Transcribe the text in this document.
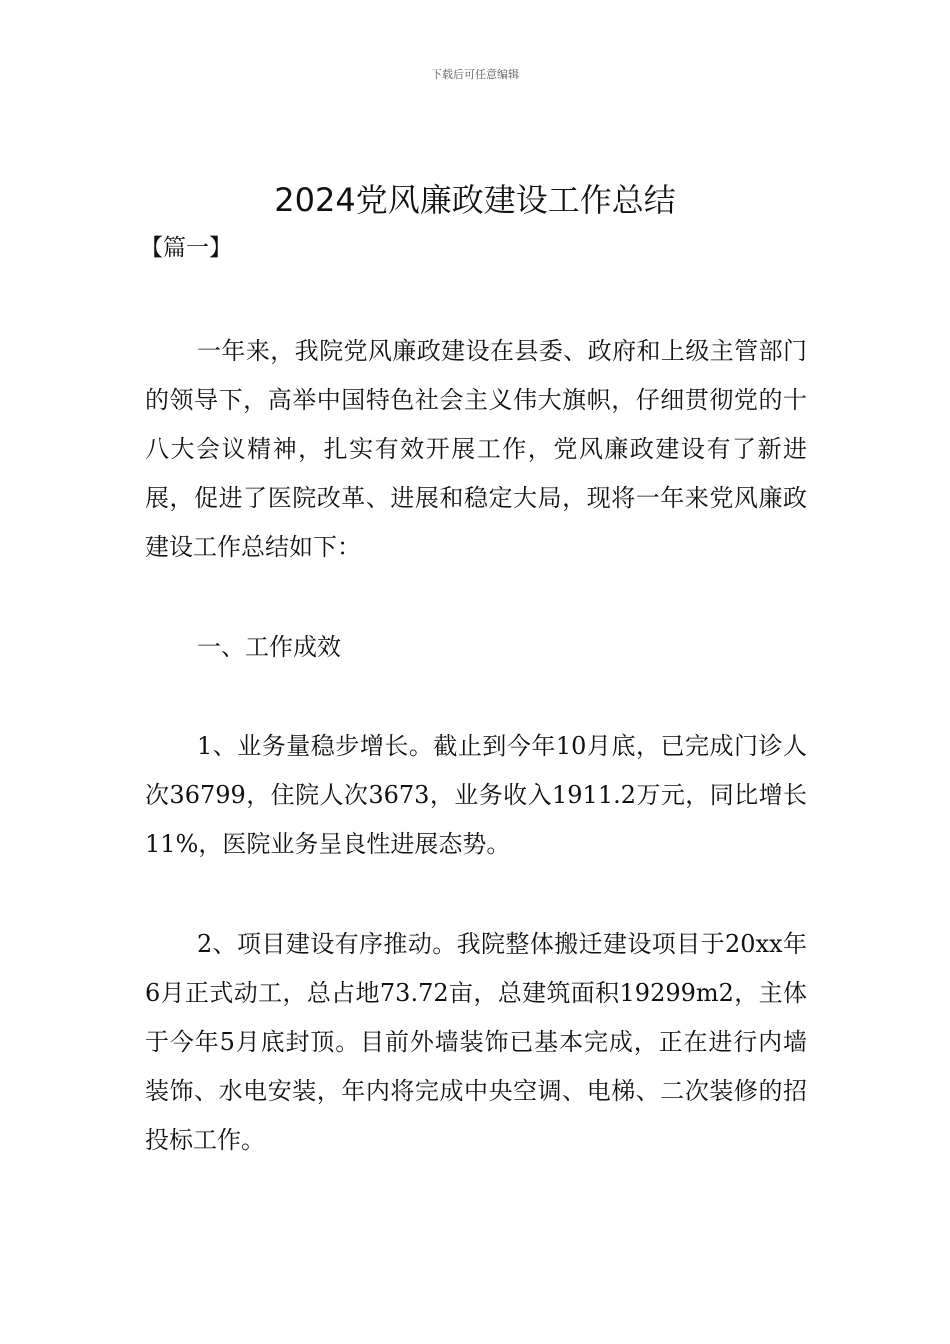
下载后可任意编辑
2024党风廉政建设工作总结
【篇一】

一年来，我院党风廉政建设在县委、政府和上级主管部门的领导下，高举中国特色社会主义伟大旗帜，仔细贯彻党的十八大会议精神，扎实有效开展工作，党风廉政建设有了新进展，促进了医院改革、进展和稳定大局，现将一年来党风廉政建设工作总结如下：

一、工作成效

1、业务量稳步增长。截止到今年10月底，已完成门诊人次36799，住院人次3673，业务收入1911.2万元，同比增长11%，医院业务呈良性进展态势。

2、项目建设有序推动。我院整体搬迁建设项目于20xx年6月正式动工，总占地73.72亩，总建筑面积19299m2，主体于今年5月底封顶。目前外墙装饰已基本完成，正在进行内墙装饰、水电安装，年内将完成中央空调、电梯、二次装修的招投标工作。
